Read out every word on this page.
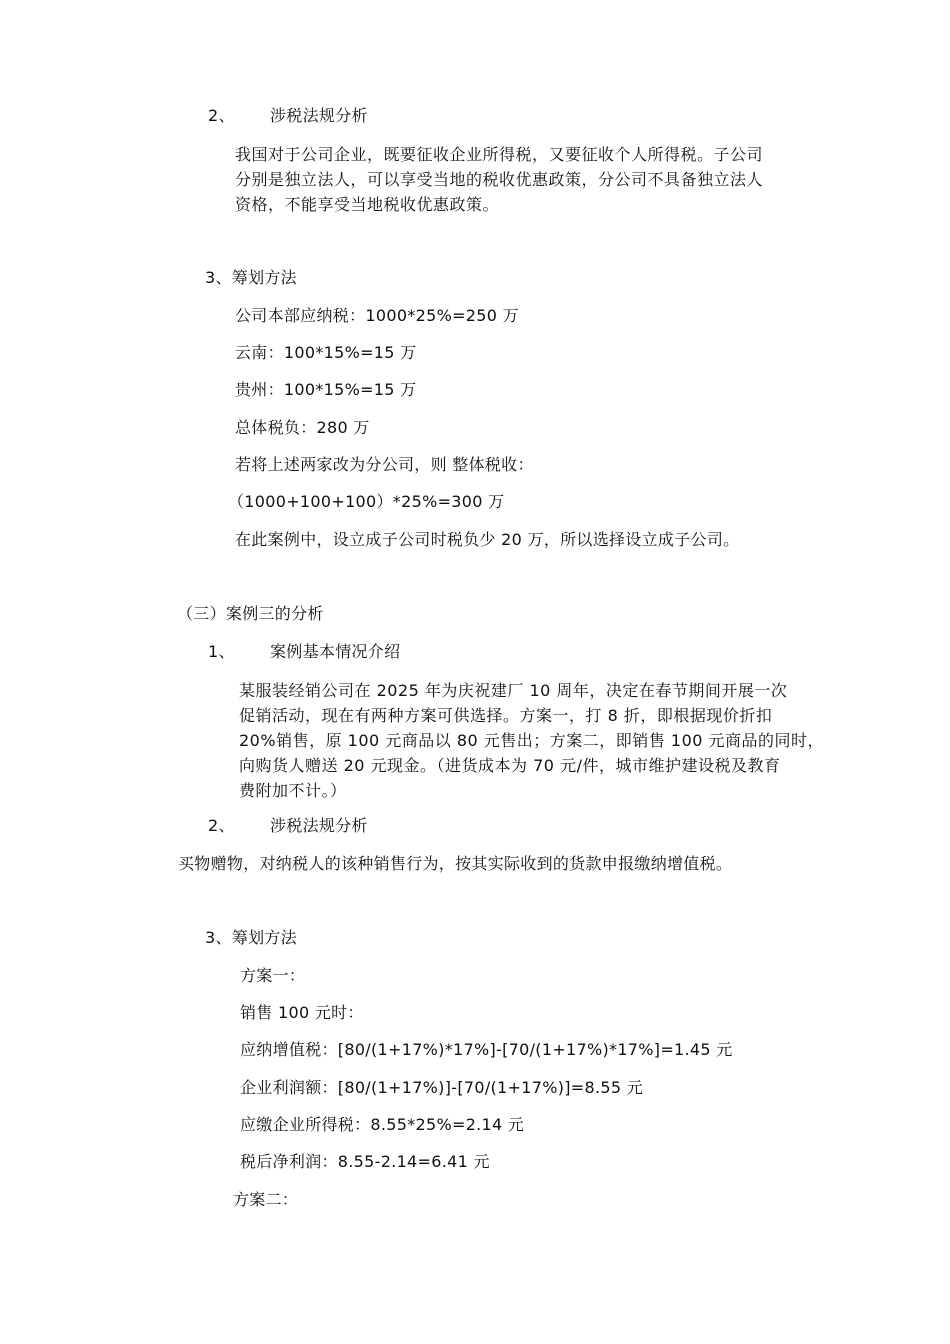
2、 涉税法规分析
我国对于公司企业，既要征收企业所得税，又要征收个人所得税。子公司
分别是独立法人，可以享受当地的税收优惠政策，分公司不具备独立法人
资格，不能享受当地税收优惠政策。
3、筹划方法
公司本部应纳税：1000*25%=250 万
云南：100*15%=15 万
贵州：100*15%=15 万
总体税负：280 万
若将上述两家改为分公司，则 整体税收：
（1000+100+100）*25%=300 万
在此案例中，设立成子公司时税负少 20 万，所以选择设立成子公司。
（三）案例三的分析
1、 案例基本情况介绍
某服装经销公司在 2025 年为庆祝建厂 10 周年，决定在春节期间开展一次
促销活动，现在有两种方案可供选择。方案一，打 8 折，即根据现价折扣
20%销售，原 100 元商品以 80 元售出；方案二，即销售 100 元商品的同时，
向购货人赠送 20 元现金。（进货成本为 70 元/件，城市维护建设税及教育
费附加不计。）
2、 涉税法规分析
买物赠物，对纳税人的该种销售行为，按其实际收到的货款申报缴纳增值税。
3、筹划方法
方案一：
销售 100 元时：
应纳增值税：[80/(1+17%)*17%]-[70/(1+17%)*17%]=1.45 元
企业利润额：[80/(1+17%)]-[70/(1+17%)]=8.55 元
应缴企业所得税：8.55*25%=2.14 元
税后净利润：8.55-2.14=6.41 元
方案二：
